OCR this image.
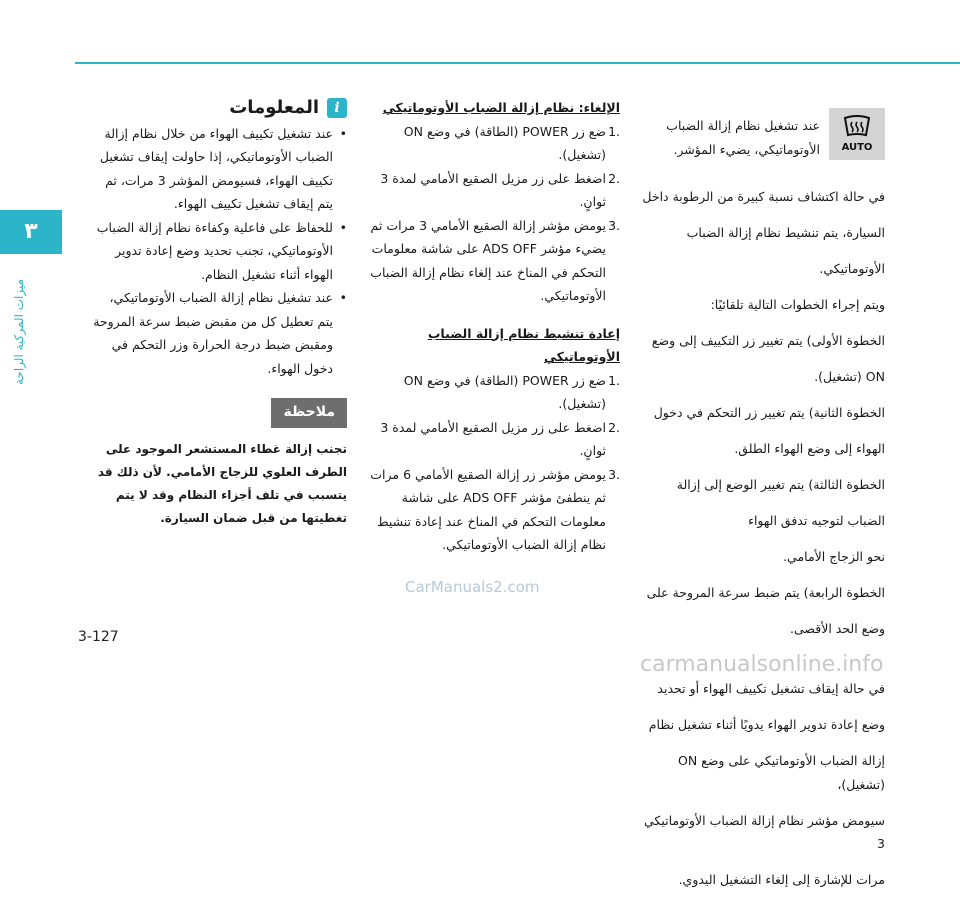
٣
ميزات المركبة الراحة
AUTO
عند تشغيل نظام إزالة الضباب الأوتوماتيكي، يضيء المؤشر.

في حالة اكتشاف نسبة كبيرة من الرطوبة داخل

السيارة، يتم تنشيط نظام إزالة الضباب

الأوتوماتيكي.

ويتم إجراء الخطوات التالية تلقائيًا:

الخطوة الأولى) يتم تغيير زر التكييف إلى وضع

ON (تشغيل).

الخطوة الثانية) يتم تغيير زر التحكم في دخول

الهواء إلى وضع الهواء الطلق.

الخطوة الثالثة) يتم تغيير الوضع إلى إزالة

الضباب لتوجيه تدفق الهواء

نحو الزجاج الأمامي.

الخطوة الرابعة) يتم ضبط سرعة المروحة على

وضع الحد الأقصى.

في حالة إيقاف تشغيل تكييف الهواء أو تحديد

وضع إعادة تدوير الهواء يدويًا أثناء تشغيل نظام

إزالة الضباب الأوتوماتيكي على وضع ON (تشغيل)،

سيومض مؤشر نظام إزالة الضباب الأوتوماتيكي 3

مرات للإشارة إلى إلغاء التشغيل اليدوي.

الإلغاء: نظام إزالة الضباب الأوتوماتيكي

.1
ضع زر POWER (الطاقة) في وضع ON (تشغيل).
.2
اضغط على زر مزيل الصقيع الأمامي لمدة 3 ثوانٍ.
.3
يومض مؤشر إزالة الصقيع الأمامي 3 مرات ثم يضيء مؤشر ADS OFF على شاشة معلومات التحكم في المناخ عند إلغاء نظام إزالة الضباب الأوتوماتيكي.

إعادة تنشيط نظام إزالة الضباب الأوتوماتيكي

.1
ضع زر POWER (الطاقة) في وضع ON (تشغيل).
.2
اضغط على زر مزيل الصقيع الأمامي لمدة 3 ثوانٍ.
.3
يومض مؤشر زر إزالة الصقيع الأمامي 6 مرات ثم ينطفئ مؤشر ADS OFF على شاشة معلومات التحكم في المناخ عند إعادة تنشيط نظام إزالة الضباب الأوتوماتيكي.
i
المعلومات
• عند تشغيل تكييف الهواء من خلال نظام إزالة الضباب الأوتوماتيكي، إذا حاولت إيقاف تشغيل تكييف الهواء، فسيومض المؤشر 3 مرات، ثم يتم إيقاف تشغيل تكييف الهواء.
• للحفاظ على فاعلية وكفاءة نظام إزالة الضباب الأوتوماتيكي، تجنب تحديد وضع إعادة تدوير الهواء أثناء تشغيل النظام.
• عند تشغيل نظام إزالة الضباب الأوتوماتيكي، يتم تعطيل كل من مقبض ضبط سرعة المروحة ومقبض ضبط درجة الحرارة وزر التحكم في دخول الهواء.
ملاحظة

تجنب إزالة غطاء المستشعر الموجود على الطرف العلوي للزجاج الأمامي. لأن ذلك قد يتسبب في تلف أجزاء النظام وقد لا يتم تغطيتها من قبل ضمان السيارة.

CarManuals2.com
3-127
carmanualsonline.info
